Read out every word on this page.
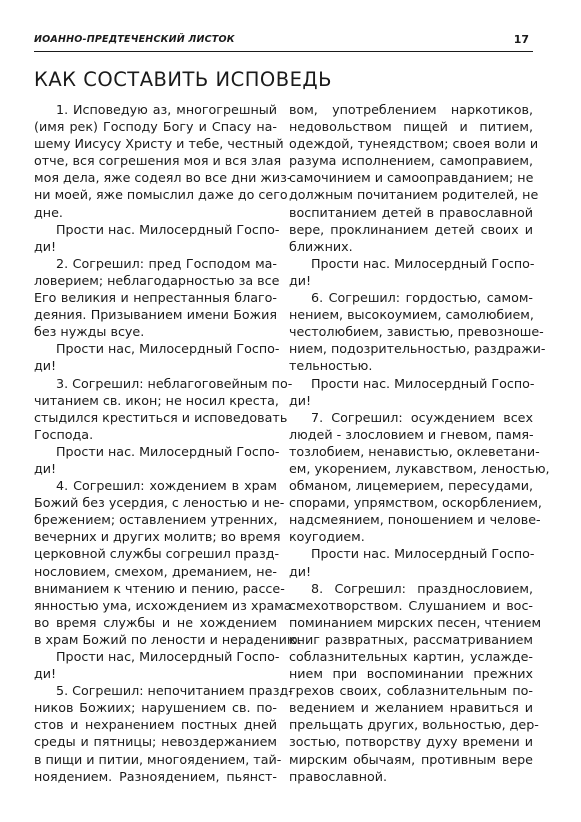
ИОАННО-ПРЕДТЕЧЕНСКИЙ ЛИСТОК	17
КАК СОСТАВИТЬ ИСПОВЕДЬ
1. Исповедую аз, многогрешный
(имя рек) Господу Богу и Спасу на-
шему Иисусу Христу и тебе, честный
отче, вся согрешения моя и вся злая
моя дела, яже содеял во все дни жиз-
ни моей, яже помыслил даже до сего
дне.
Прости нас. Милосердный Госпо-
ди!
2. Согрешил: пред Господом ма-
ловерием; неблагодарностью за все
Его великия и непрестанныя благо-
деяния. Призыванием имени Божия
без нужды всуе.
Прости нас, Милосердный Госпо-
ди!
3. Согрешил: неблагоговейным по-
читанием св. икон; не носил креста,
стыдился креститься и исповедовать
Господа.
Прости нас. Милосердный Госпо-
ди!
4. Согрешил: хождением в храм
Божий без усердия, с леностью и не-
брежением; оставлением утренних,
вечерних и других молитв; во время
церковной службы согрешил празд-
нословием, смехом, дреманием, не-
вниманием к чтению и пению, рассе-
янностью ума, исхождением из храма
во время службы и не хождением
в храм Божий по лености и нерадению.
Прости нас, Милосердный Госпо-
ди!
5. Согрешил: непочитанием празд-
ников Божиих; нарушением св. по-
стов и нехранением постных дней
среды и пятницы; невоздержанием
в пищи и питии, многоядением, тай-
ноядением. Разноядением, пьянст-
вом, употреблением наркотиков,
недовольством пищей и питием,
одеждой, тунеядством; своея воли и
разума исполнением, самоправием,
самочинием и самооправданием; не
должным почитанием родителей, не
воспитанием детей в православной
вере, проклинанием детей своих и
ближних.
Прости нас. Милосердный Госпо-
ди!
6. Согрешил: гордостью, самом-
нением, высокоумием, самолюбием,
честолюбием, завистью, превозноше-
нием, подозрительностью, раздражи-
тельностью.
Прости нас. Милосердный Госпо-
ди!
7. Согрешил: осуждением всех
людей - злословием и гневом, памя-
тозлобием, ненавистью, оклеветани-
ем, укорением, лукавством, леностью,
обманом, лицемерием, пересудами,
спорами, упрямством, оскорблением,
надсмеянием, поношением и челове-
коугодием.
Прости нас. Милосердный Госпо-
ди!
8. Согрешил: празднословием,
смехотворством. Слушанием и вос-
поминанием мирских песен, чтением
книг развратных, рассматриванием
соблазнительных картин, услажде-
нием при воспоминании прежних
грехов своих, соблазнительным по-
ведением и желанием нравиться и
прельщать других, вольностью, дер-
зостью, потворству духу времени и
мирским обычаям, противным вере
православной.
